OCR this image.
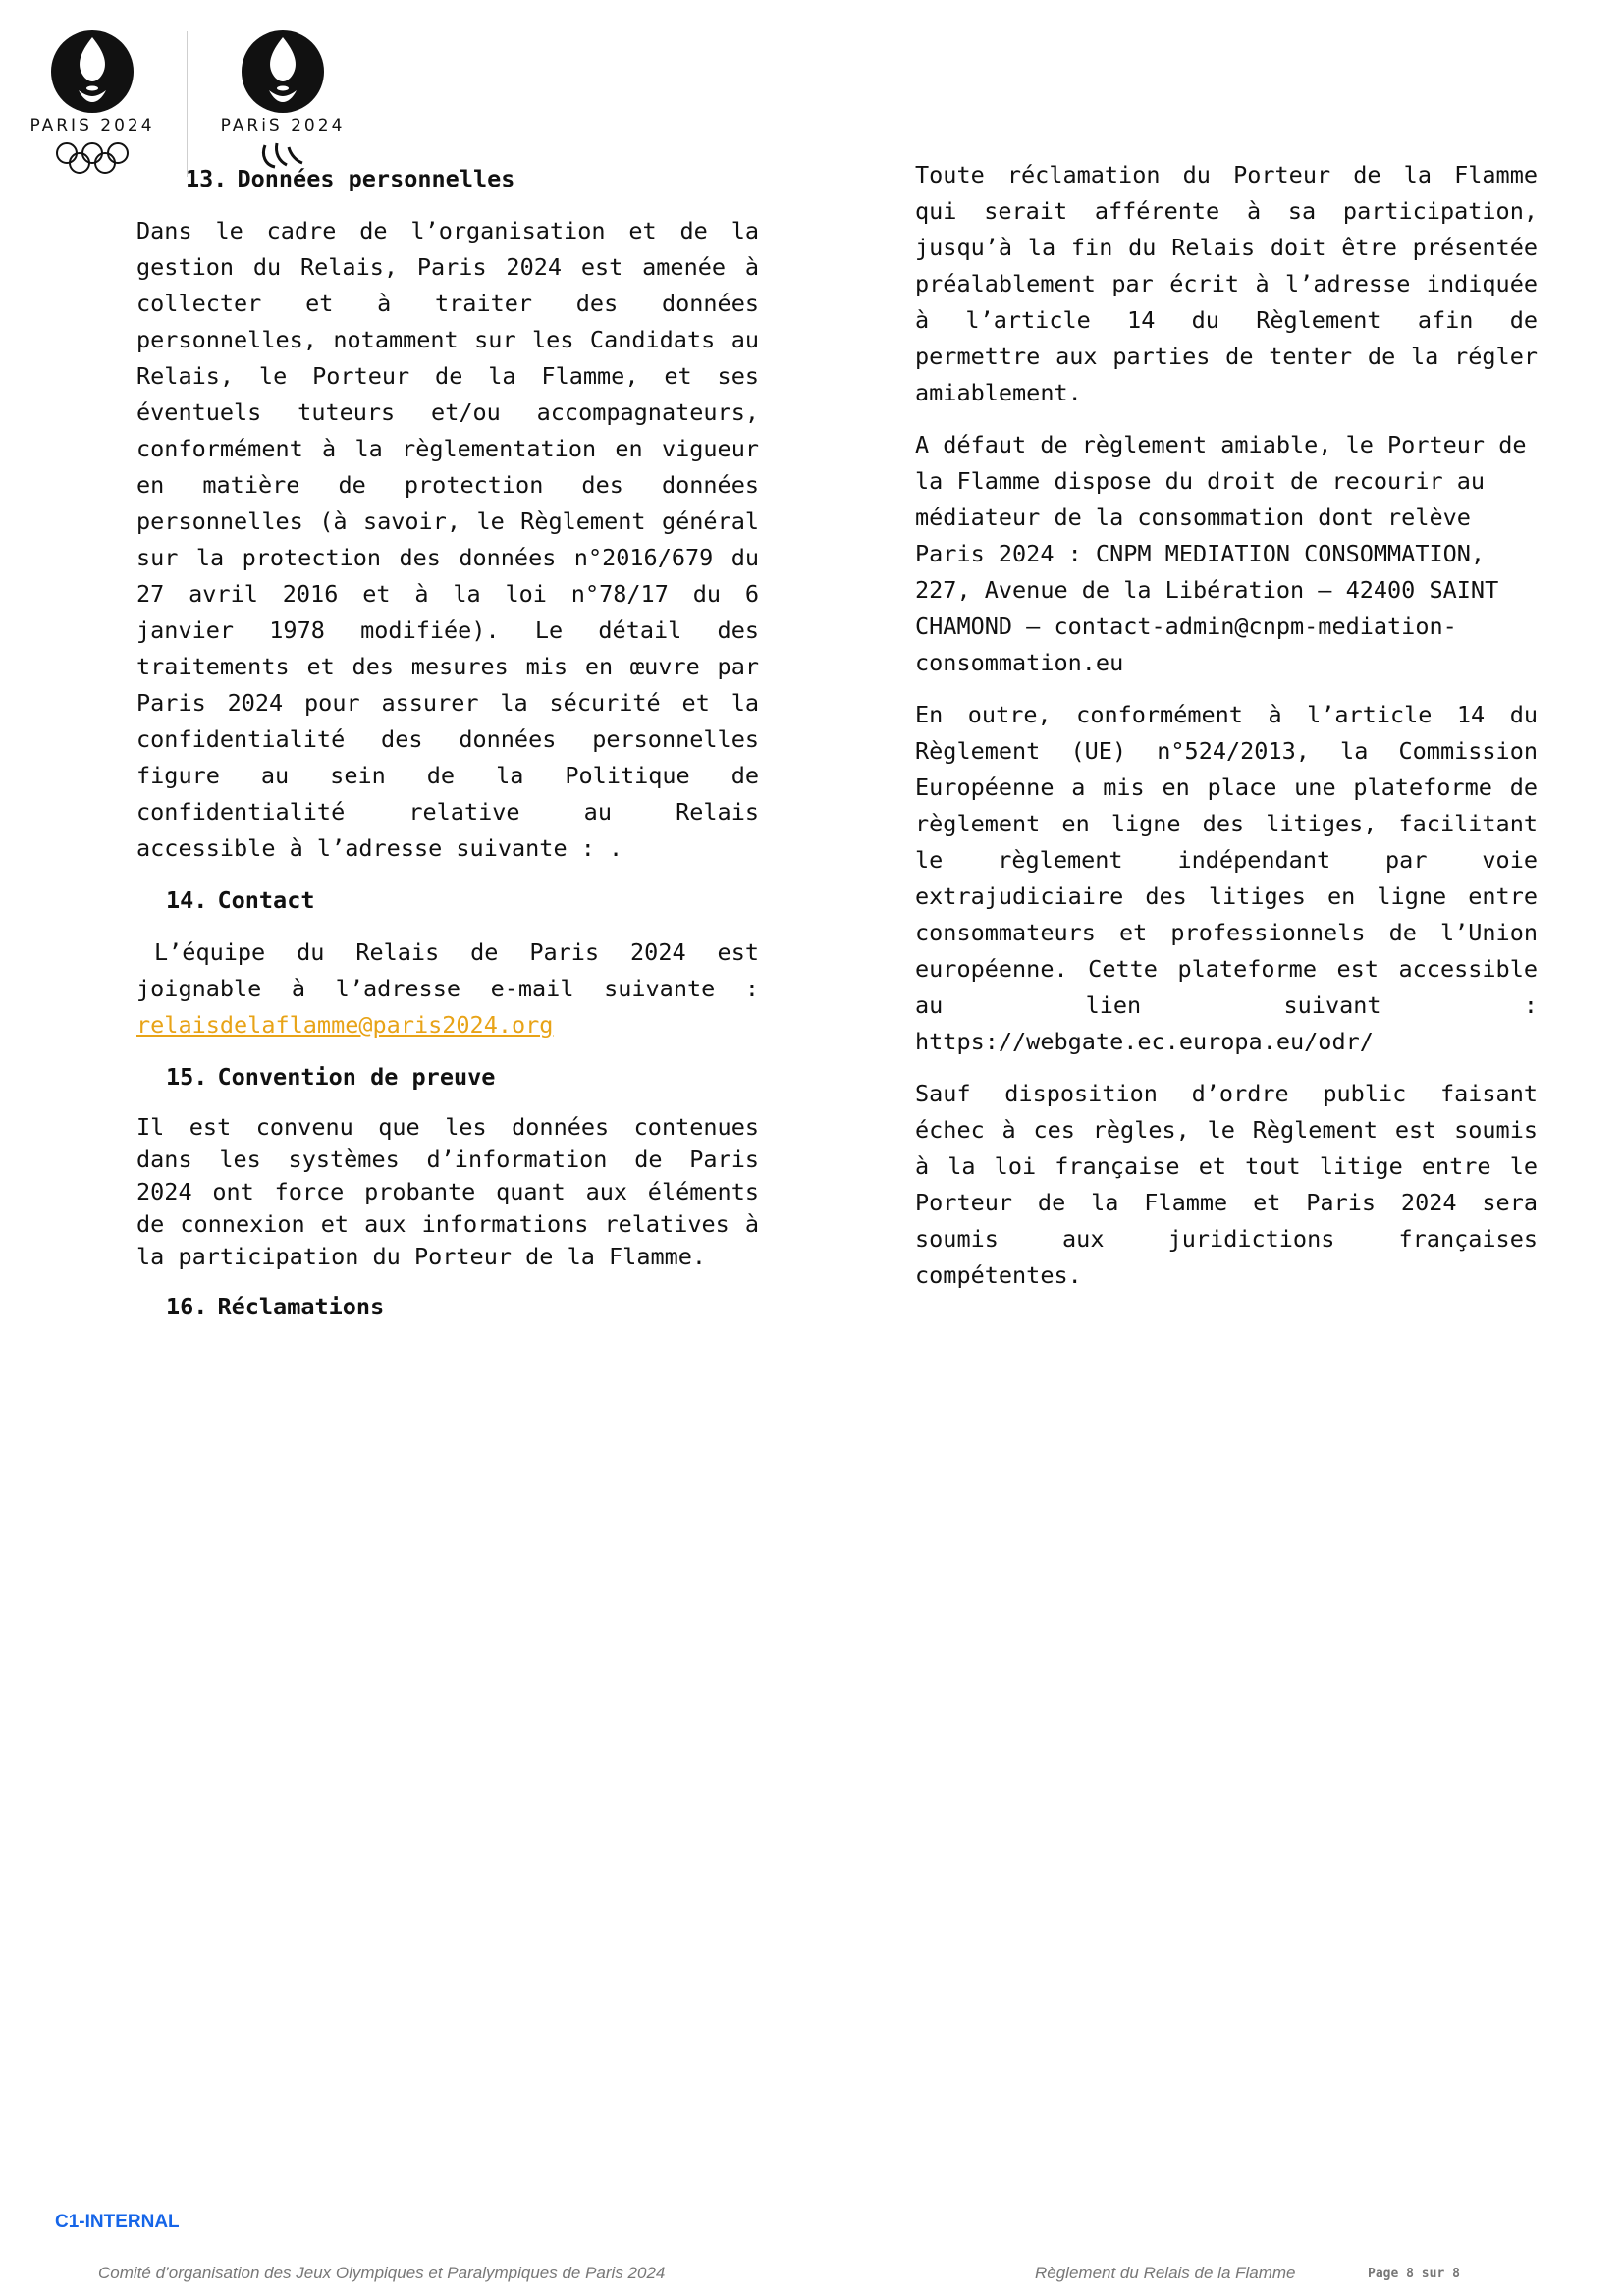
PARIS 2024	PARiS 2024
13. Données personnelles

Dans le cadre de l’organisation et de la gestion du Relais, Paris 2024 est amenée à collecter et à traiter des données personnelles, notamment sur les Candidats au Relais, le Porteur de la Flamme, et ses éventuels tuteurs et/ou accompagnateurs, conformément à la règlementation en vigueur en matière de protection des données personnelles (à savoir, le Règlement général sur la protection des données n°2016/679 du 27 avril 2016 et à la loi n°78/17 du 6 janvier 1978 modifiée). Le détail des traitements et des mesures mis en œuvre par Paris 2024 pour assurer la sécurité et la confidentialité des données personnelles figure au sein de la Politique de confidentialité relative au Relais accessible à l’adresse suivante : .

14. Contact

L’équipe du Relais de Paris 2024 est joignable à l’adresse e-mail suivante : relaisdelaflamme@paris2024.org

15. Convention de preuve

Il est convenu que les données contenues dans les systèmes d’information de Paris 2024 ont force probante quant aux éléments de connexion et aux informations relatives à la participation du Porteur de la Flamme.

16. Réclamations

Toute réclamation du Porteur de la Flamme qui serait afférente à sa participation, jusqu’à la fin du Relais doit être présentée préalablement par écrit à l’adresse indiquée à l’article 14 du Règlement afin de permettre aux parties de tenter de la régler amiablement.

A défaut de règlement amiable, le Porteur de la Flamme dispose du droit de recourir au médiateur de la consommation dont relève Paris 2024 : CNPM MEDIATION CONSOMMATION, 227, Avenue de la Libération – 42400 SAINT CHAMOND – contact-admin@cnpm-mediation-consommation.eu

En outre, conformément à l’article 14 du Règlement (UE) n°524/2013, la Commission Européenne a mis en place une plateforme de règlement en ligne des litiges, facilitant le règlement indépendant par voie extrajudiciaire des litiges en ligne entre consommateurs et professionnels de l’Union européenne. Cette plateforme est accessible au lien suivant : https://webgate.ec.europa.eu/odr/

Sauf disposition d’ordre public faisant échec à ces règles, le Règlement est soumis à la loi française et tout litige entre le Porteur de la Flamme et Paris 2024 sera soumis aux juridictions françaises compétentes.

C1-INTERNAL
Comité d’organisation des Jeux Olympiques et Paralympiques de Paris 2024	Règlement du Relais de la Flamme	Page 8 sur 8
